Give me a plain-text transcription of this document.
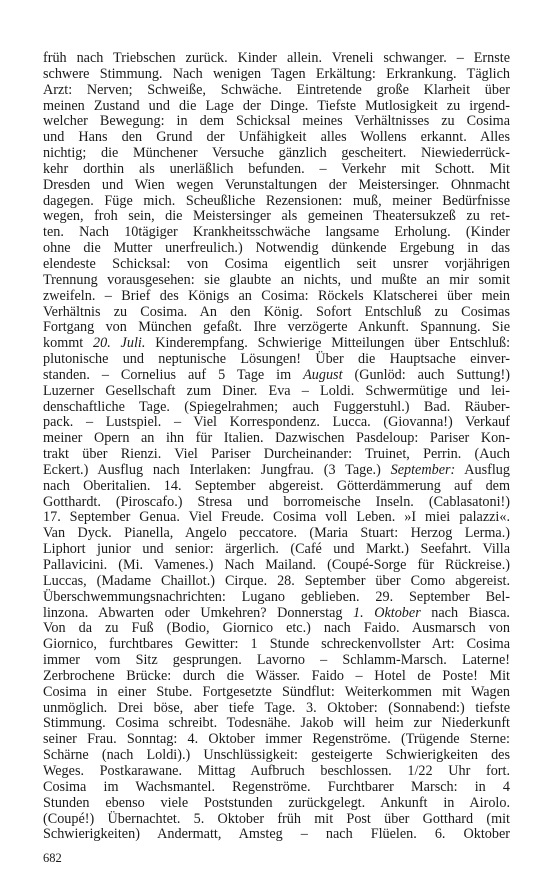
früh nach Triebschen zurück. Kinder allein. Vreneli schwanger. – Ernste
schwere Stimmung. Nach wenigen Tagen Erkältung: Erkrankung. Täglich
Arzt: Nerven; Schweiße, Schwäche. Eintretende große Klarheit über
meinen Zustand und die Lage der Dinge. Tiefste Mutlosigkeit zu irgend-
welcher Bewegung: in dem Schicksal meines Verhältnisses zu Cosima
und Hans den Grund der Unfähigkeit alles Wollens erkannt. Alles
nichtig; die Münchener Versuche gänzlich gescheitert. Niewiederrück-
kehr dorthin als unerläßlich befunden. – Verkehr mit Schott. Mit
Dresden und Wien wegen Verunstaltungen der Meistersinger. Ohnmacht
dagegen. Füge mich. Scheußliche Rezensionen: muß, meiner Bedürfnisse
wegen, froh sein, die Meistersinger als gemeinen Theatersukzeß zu ret-
ten. Nach 10tägiger Krankheitsschwäche langsame Erholung. (Kinder
ohne die Mutter unerfreulich.) Notwendig dünkende Ergebung in das
elendeste Schicksal: von Cosima eigentlich seit unsrer vorjährigen
Trennung vorausgesehen: sie glaubte an nichts, und mußte an mir somit
zweifeln. – Brief des Königs an Cosima: Röckels Klatscherei über mein
Verhältnis zu Cosima. An den König. Sofort Entschluß zu Cosimas
Fortgang von München gefaßt. Ihre verzögerte Ankunft. Spannung. Sie
kommt 20. Juli. Kinderempfang. Schwierige Mitteilungen über Entschluß:
plutonische und neptunische Lösungen! Über die Hauptsache einver-
standen. – Cornelius auf 5 Tage im August (Gunlöd: auch Suttung!)
Luzerner Gesellschaft zum Diner. Eva – Loldi. Schwermütige und lei-
denschaftliche Tage. (Spiegelrahmen; auch Fuggerstuhl.) Bad. Räuber-
pack. – Lustspiel. – Viel Korrespondenz. Lucca. (Giovanna!) Verkauf
meiner Opern an ihn für Italien. Dazwischen Pasdeloup: Pariser Kon-
trakt über Rienzi. Viel Pariser Durcheinander: Truinet, Perrin. (Auch
Eckert.) Ausflug nach Interlaken: Jungfrau. (3 Tage.) September: Ausflug
nach Oberitalien. 14. September abgereist. Götterdämmerung auf dem
Gotthardt. (Piroscafo.) Stresa und borromeische Inseln. (Cablasatoni!)
17. September Genua. Viel Freude. Cosima voll Leben. »I miei palazzi«.
Van Dyck. Pianella, Angelo peccatore. (Maria Stuart: Herzog Lerma.)
Liphort junior und senior: ärgerlich. (Café und Markt.) Seefahrt. Villa
Pallavicini. (Mi. Vamenes.) Nach Mailand. (Coupé-Sorge für Rückreise.)
Luccas, (Madame Chaillot.) Cirque. 28. September über Como abgereist.
Überschwemmungsnachrichten: Lugano geblieben. 29. September Bel-
linzona. Abwarten oder Umkehren? Donnerstag 1. Oktober nach Biasca.
Von da zu Fuß (Bodio, Giornico etc.) nach Faido. Ausmarsch von
Giornico, furchtbares Gewitter: 1 Stunde schreckenvollster Art: Cosima
immer vom Sitz gesprungen. Lavorno – Schlamm-Marsch. Laterne!
Zerbrochene Brücke: durch die Wässer. Faido – Hotel de Poste! Mit
Cosima in einer Stube. Fortgesetzte Sündflut: Weiterkommen mit Wagen
unmöglich. Drei böse, aber tiefe Tage. 3. Oktober: (Sonnabend:) tiefste
Stimmung. Cosima schreibt. Todesnähe. Jakob will heim zur Niederkunft
seiner Frau. Sonntag: 4. Oktober immer Regenströme. (Trügende Sterne:
Schärne (nach Loldi).) Unschlüssigkeit: gesteigerte Schwierigkeiten des
Weges. Postkarawane. Mittag Aufbruch beschlossen. 1/22 Uhr fort.
Cosima im Wachsmantel. Regenströme. Furchtbarer Marsch: in 4
Stunden ebenso viele Poststunden zurückgelegt. Ankunft in Airolo.
(Coupé!) Übernachtet. 5. Oktober früh mit Post über Gotthard (mit
Schwierigkeiten) Andermatt, Amsteg – nach Flüelen. 6. Oktober
682
